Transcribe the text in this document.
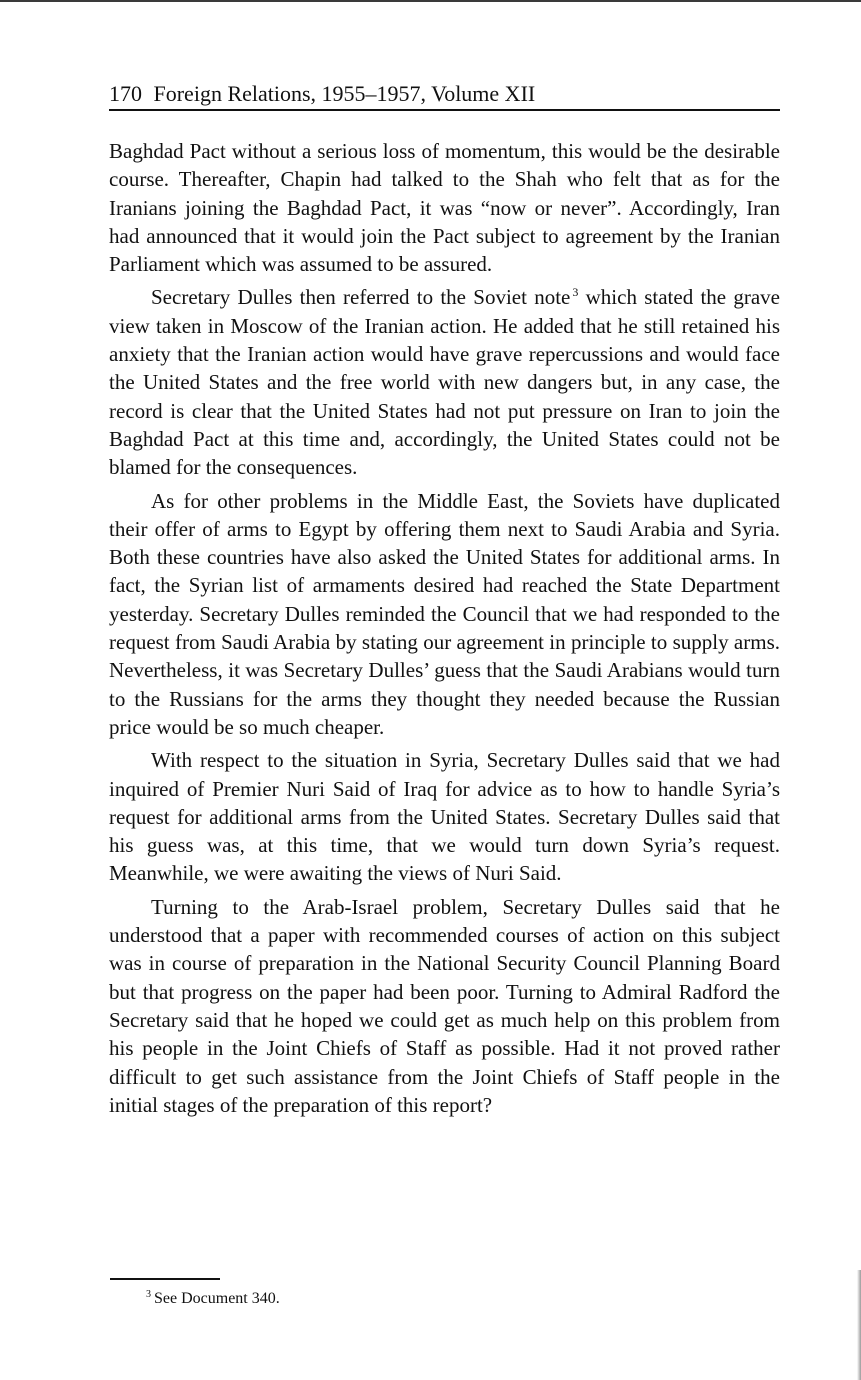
170 Foreign Relations, 1955–1957, Volume XII

Baghdad Pact without a serious loss of momentum, this would be the desirable course. Thereafter, Chapin had talked to the Shah who felt that as for the Iranians joining the Baghdad Pact, it was “now or never”. Accordingly, Iran had announced that it would join the Pact subject to agreement by the Iranian Parliament which was assumed to be assured.

Secretary Dulles then referred to the Soviet note $^3$ which stated the grave view taken in Moscow of the Iranian action. He added that he still retained his anxiety that the Iranian action would have grave repercussions and would face the United States and the free world with new dangers but, in any case, the record is clear that the United States had not put pressure on Iran to join the Baghdad Pact at this time and, accordingly, the United States could not be blamed for the consequences.

As for other problems in the Middle East, the Soviets have duplicated their offer of arms to Egypt by offering them next to Saudi Arabia and Syria. Both these countries have also asked the United States for additional arms. In fact, the Syrian list of armaments desired had reached the State Department yesterday. Secretary Dulles reminded the Council that we had responded to the request from Saudi Arabia by stating our agreement in principle to supply arms. Nevertheless, it was Secretary Dulles’ guess that the Saudi Arabians would turn to the Russians for the arms they thought they needed because the Russian price would be so much cheaper.

With respect to the situation in Syria, Secretary Dulles said that we had inquired of Premier Nuri Said of Iraq for advice as to how to handle Syria’s request for additional arms from the United States. Secretary Dulles said that his guess was, at this time, that we would turn down Syria’s request. Meanwhile, we were awaiting the views of Nuri Said.

Turning to the Arab-Israel problem, Secretary Dulles said that he understood that a paper with recommended courses of action on this subject was in course of preparation in the National Security Council Planning Board but that progress on the paper had been poor. Turning to Admiral Radford the Secretary said that he hoped we could get as much help on this problem from his people in the Joint Chiefs of Staff as possible. Had it not proved rather difficult to get such assistance from the Joint Chiefs of Staff people in the initial stages of the preparation of this report?

$^3$ See Document 340.
